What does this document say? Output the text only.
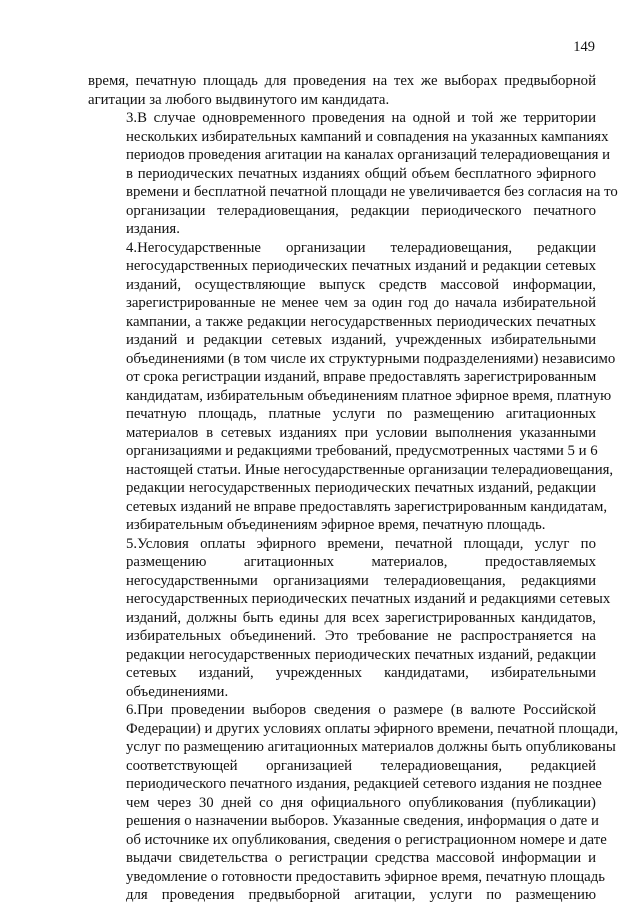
149

время, печатную площадь для проведения на тех же выборах предвыборной
агитации за любого выдвинутого им кандидата.

3.В случае одновременного проведения на одной и той же территории
нескольких избирательных кампаний и совпадения на указанных кампаниях
периодов проведения агитации на каналах организаций телерадиовещания и
в периодических печатных изданиях общий объем бесплатного эфирного
времени и бесплатной печатной площади не увеличивается без согласия на то
организации телерадиовещания, редакции периодического печатного
издания.

4.Негосударственные организации телерадиовещания, редакции
негосударственных периодических печатных изданий и редакции сетевых
изданий, осуществляющие выпуск средств массовой информации,
зарегистрированные не менее чем за один год до начала избирательной
кампании, а также редакции негосударственных периодических печатных
изданий и редакции сетевых изданий, учрежденных избирательными
объединениями (в том числе их структурными подразделениями) независимо
от срока регистрации изданий, вправе предоставлять зарегистрированным
кандидатам, избирательным объединениям платное эфирное время, платную
печатную площадь, платные услуги по размещению агитационных
материалов в сетевых изданиях при условии выполнения указанными
организациями и редакциями требований, предусмотренных частями 5 и 6
настоящей статьи. Иные негосударственные организации телерадиовещания,
редакции негосударственных периодических печатных изданий, редакции
сетевых изданий не вправе предоставлять зарегистрированным кандидатам,
избирательным объединениям эфирное время, печатную площадь.

5.Условия оплаты эфирного времени, печатной площади, услуг по
размещению агитационных материалов, предоставляемых
негосударственными организациями телерадиовещания, редакциями
негосударственных периодических печатных изданий и редакциями сетевых
изданий, должны быть едины для всех зарегистрированных кандидатов,
избирательных объединений. Это требование не распространяется на
редакции негосударственных периодических печатных изданий, редакции
сетевых изданий, учрежденных кандидатами, избирательными
объединениями.

6.При проведении выборов сведения о размере (в валюте Российской
Федерации) и других условиях оплаты эфирного времени, печатной площади,
услуг по размещению агитационных материалов должны быть опубликованы
соответствующей организацией телерадиовещания, редакцией
периодического печатного издания, редакцией сетевого издания не позднее
чем через 30 дней со дня официального опубликования (публикации)
решения о назначении выборов. Указанные сведения, информация о дате и
об источнике их опубликования, сведения о регистрационном номере и дате
выдачи свидетельства о регистрации средства массовой информации и
уведомление о готовности предоставить эфирное время, печатную площадь
для проведения предвыборной агитации, услуги по размещению
